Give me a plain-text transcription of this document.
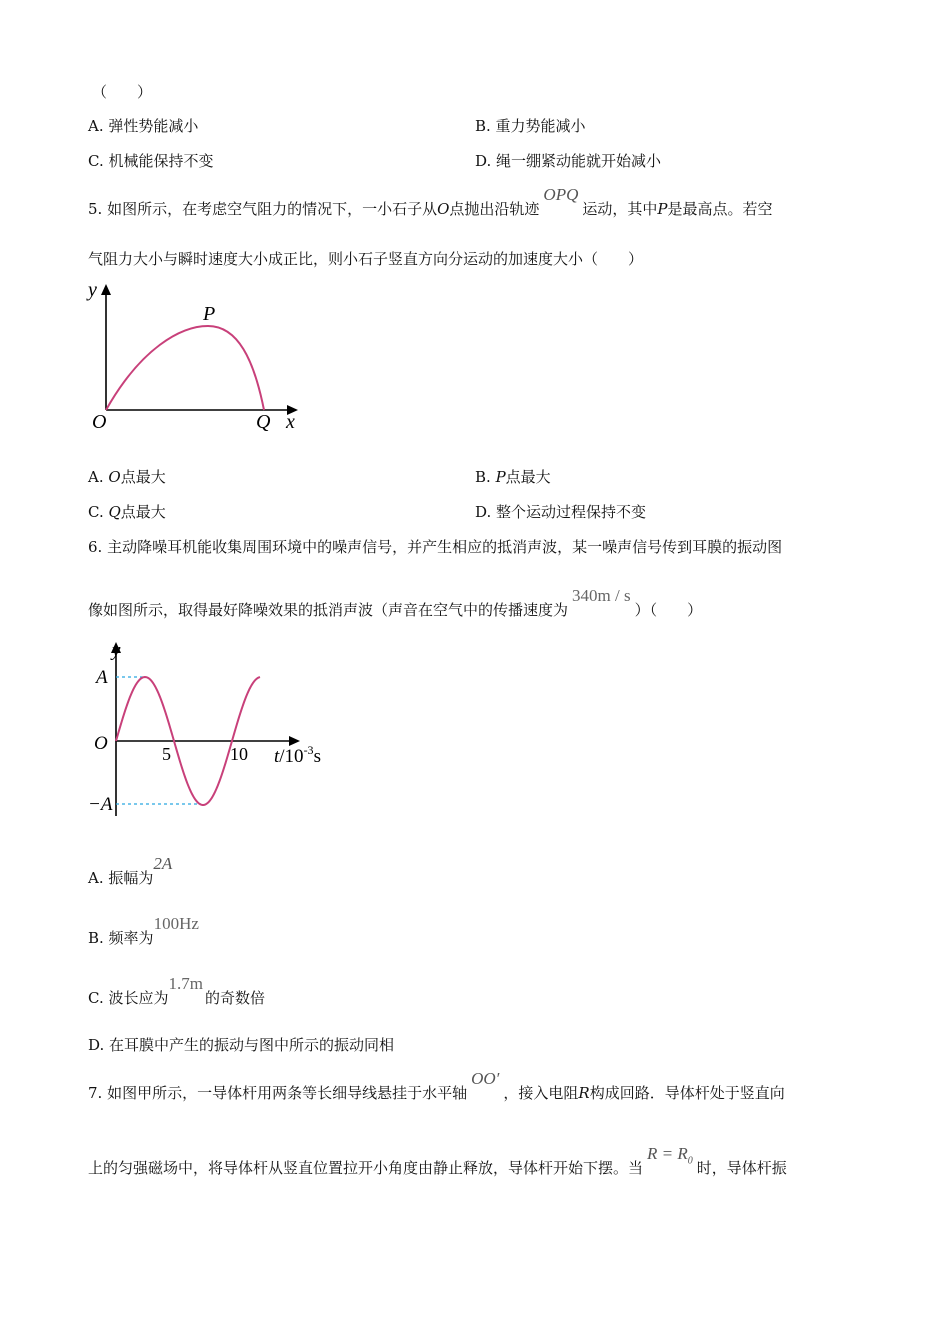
（　　）
A. 弹性势能减小	B. 重力势能减小
C. 机械能保持不变	D. 绳一绷紧动能就开始减小
5. 如图所示，在考虑空气阻力的情况下，一小石子从O点抛出沿轨迹OPQ运动，其中P是最高点。若空
气阻力大小与瞬时速度大小成正比，则小石子竖直方向分运动的加速度大小（　　）
y
x
O
P
Q
A. O点最大	B. P点最大
C. Q点最大	D. 整个运动过程保持不变
6. 主动降噪耳机能收集周围环境中的噪声信号，并产生相应的抵消声波，某一噪声信号传到耳膜的振动图
像如图所示，取得最好降噪效果的抵消声波（声音在空气中的传播速度为340m / s）（　　）
y
A
−A
O	5	10 $t/10^{-3}s$
A. 振幅为2A
B. 频率为100Hz
C. 波长应为1.7m的奇数倍
D. 在耳膜中产生的振动与图中所示的振动同相
7. 如图甲所示，一导体杆用两条等长细导线悬挂于水平轴OO′，接入电阻R构成回路．导体杆处于竖直向
上的匀强磁场中，将导体杆从竖直位置拉开小角度由静止释放，导体杆开始下摆。当$R = R_0$ 时，导体杆振
